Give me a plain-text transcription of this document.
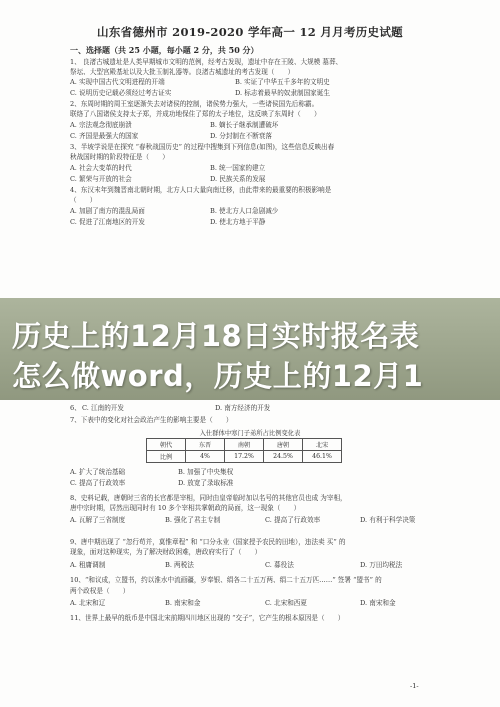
山东省德州市 2019-2020 学年高一 12 月月考历史试题
一、选择题（共 25 小题，每小题 2 分，共 50 分）
1、 良渚古城遗址是人类早期城市文明的范例，经考古发现，遗址中存在王陵、大规模 墓葬、
祭坛、大型宫殿基址以及大批玉制礼器等。良渚古城遗址的考古发现（　　）
A. 实现中国古代文明进程的开端	B. 实证了中华五千多年的文明史
C. 说明历史记载必须经过考古证实	D. 标志着最早的奴隶制国家诞生
2、东周时期的周王室逐渐失去对诸侯的控制，诸侯势力强大，一些诸侯国先后称霸。
联络了八国诸侯支持太子郑，并成功地保住了郑的太子地位，这反映了东周时（　　）
A. 宗法观念彻底崩溃	B. 嫡长子继承制遭破坏
C. 齐国是最强大的国家	D. 分封制在不断衰落
3、半坡学说是在探究 “春秋战国历史” 的过程中搜集到下列信息(如图)，这些信息反映出春
秋战国时期的阶段特征是（　　）
A. 社会大变革的时代	B. 统一国家的建立
C. 繁荣与开放的社会	D. 民族关系的发展
4、东汉末年到魏晋南北朝时期，北方人口大量向南迁移，由此带来的最重要的积极影响是
（　　）
A. 加剧了南方的混乱局面	B. 使北方人口急剧减少
C. 促进了江南地区的开发	D. 使北方地于平静
历史上的12月18日实时报名表
怎么做word，历史上的12月1
6、 C. 江南的开发	D. 南方经济的开发
7、下表中的变化对社会政治产生的影响主要是（　　）
入仕群体中寒门子弟所占比例变化表
朝代	东晋	南朝	唐朝	北宋
比例	4%	17.2%	24.5%	46.1%
A. 扩大了统治基础	B. 加强了中央集权
C. 提高了行政效率	D. 放宽了录取标准
8、史料记载，唐朝时三省的长官都是宰相，同时由皇帝临时加以名号的其他官员也成 为宰相，
唐中宗时期，居然出现同时有 10 多个宰相共掌朝政的局面，这一现象（　　）
A. 瓦解了三省制度	B. 强化了君主专制	C. 提高了行政效率	D. 有利于科学决策
9、唐中期出现了 “忽行苟并，莫惟章程” 和 “口分永业（国家授予农民的田地），违法卖 买” 的
现象，面对这种现实，为了解决财政困难，唐政府实行了（　　）
A. 租庸调制	B. 两税法	C. 募役法	D. 万田均税法
10、“和议成，立盟书，约以淮水中流画疆，岁奉银、绢各二十五万两、绢二十五万匹……” 签署 “盟书” 的
两个政权是（　　）
A. 北宋和辽	B. 南宋和金	C. 北宋和西夏	D. 南宋和金
11、世界上最早的纸币是中国北宋前期四川地区出现的 “交子”，它产生的根本原因是（　　）
-1-
